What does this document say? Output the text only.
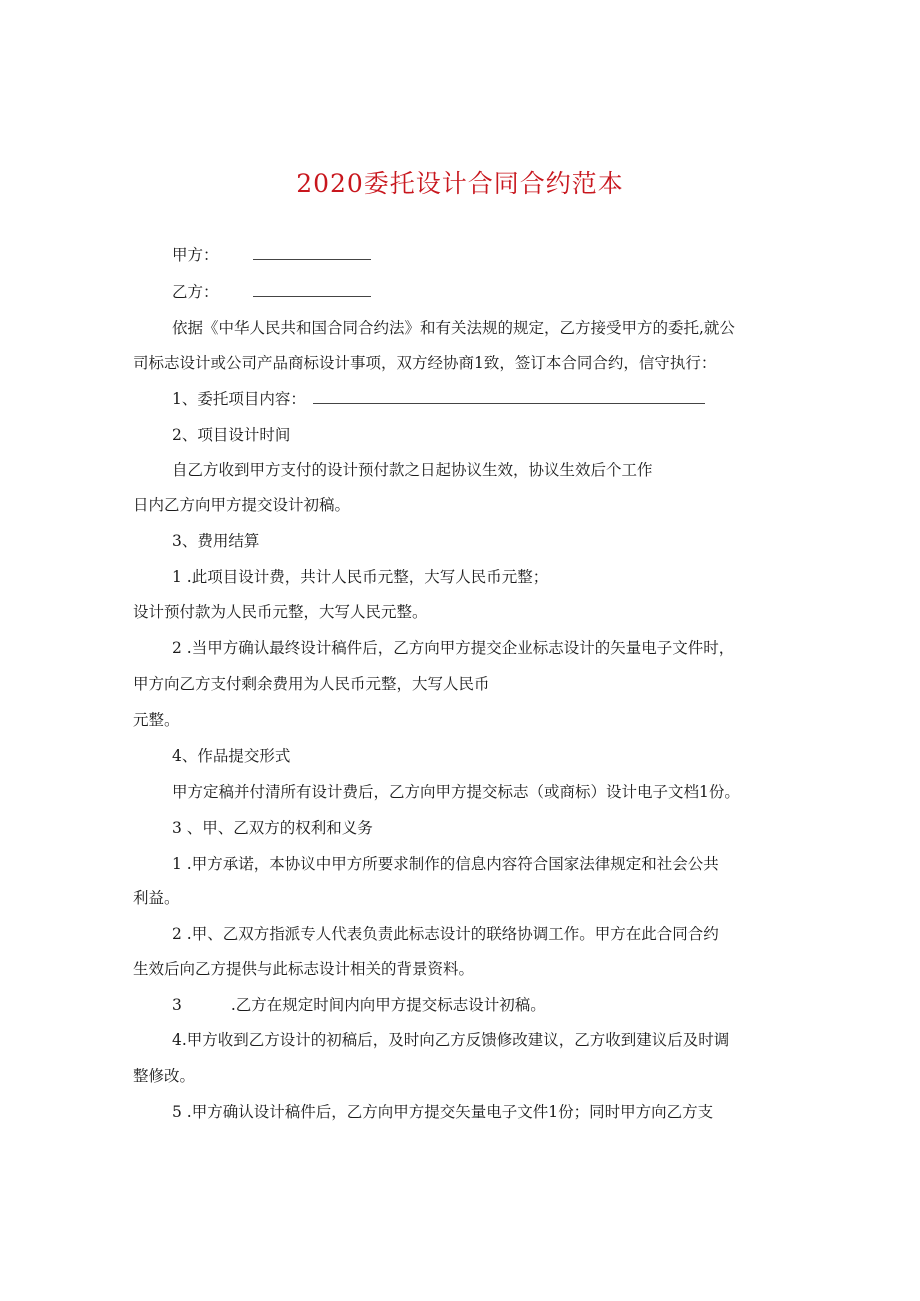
2020委托设计合同合约范本
甲方：
乙方：

依据《中华人民共和国合同合约法》和有关法规的规定，乙方接受甲方的委托,就公

司标志设计或公司产品商标设计事项，双方经协商1致，签订本合同合约，信守执行：

1、委托项目内容：

2、项目设计时间

自乙方收到甲方支付的设计预付款之日起协议生效，协议生效后个工作

日内乙方向甲方提交设计初稿。

3、费用结算

1 .此项目设计费，共计人民币元整，大写人民币元整；

设计预付款为人民币元整，大写人民元整。

2 .当甲方确认最终设计稿件后，乙方向甲方提交企业标志设计的矢量电子文件时，

甲方向乙方支付剩余费用为人民币元整，大写人民币

元整。

4、作品提交形式

甲方定稿并付清所有设计费后，乙方向甲方提交标志（或商标）设计电子文档1份。

3 、甲、乙双方的权利和义务

1 .甲方承诺，本协议中甲方所要求制作的信息内容符合国家法律规定和社会公共

利益。

2 .甲、乙双方指派专人代表负责此标志设计的联络协调工作。甲方在此合同合约

生效后向乙方提供与此标志设计相关的背景资料。

3	.乙方在规定时间内向甲方提交标志设计初稿。

4.甲方收到乙方设计的初稿后，及时向乙方反馈修改建议，乙方收到建议后及时调

整修改。

5 .甲方确认设计稿件后，乙方向甲方提交矢量电子文件1份；同时甲方向乙方支
